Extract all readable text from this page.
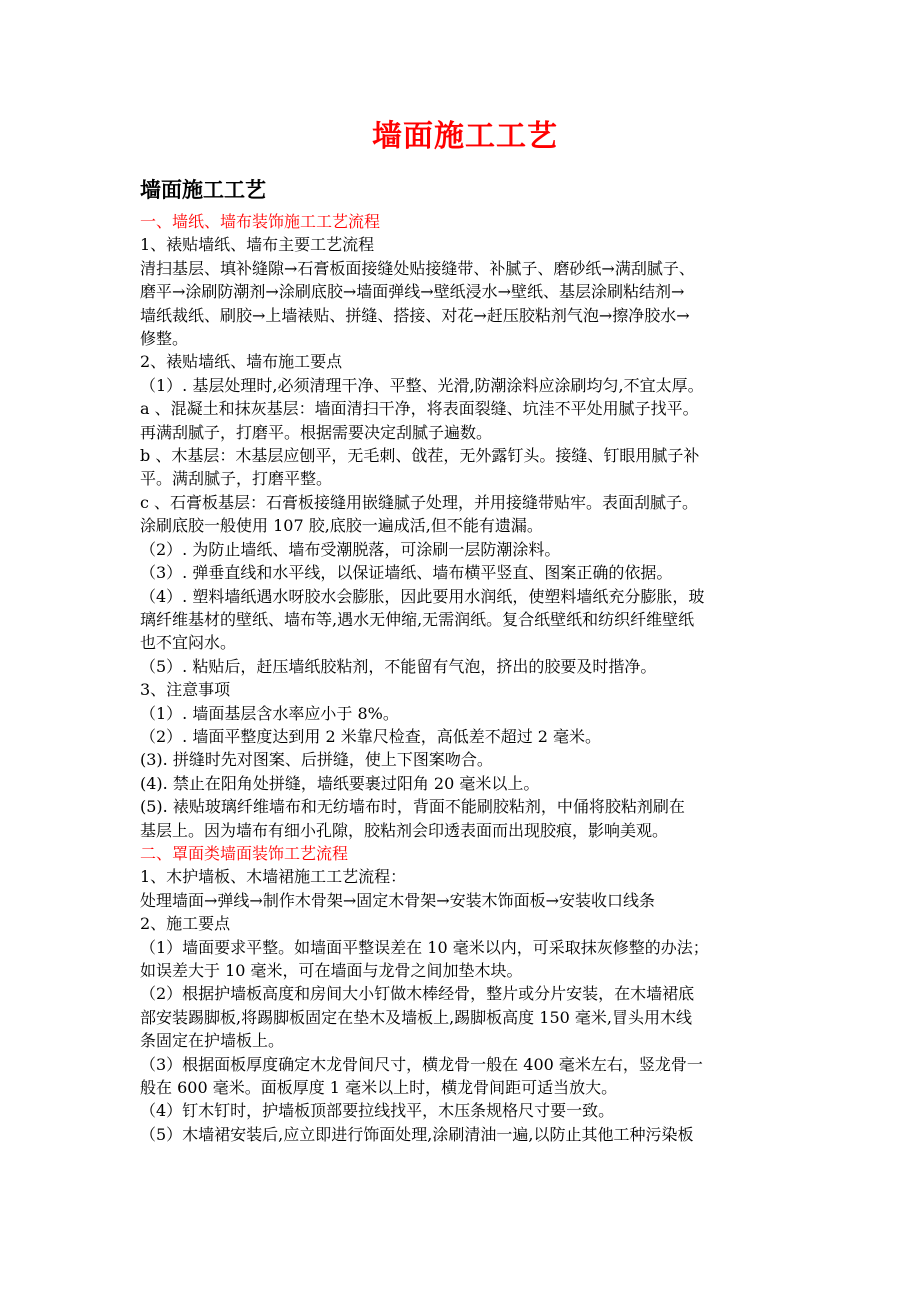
墙面施工工艺
墙面施工工艺

一、墙纸、墙布装饰施工工艺流程

1、裱贴墙纸、墙布主要工艺流程

清扫基层、填补缝隙→石膏板面接缝处贴接缝带、补腻子、磨砂纸→满刮腻子、

磨平→涂刷防潮剂→涂刷底胶→墙面弹线→壁纸浸水→壁纸、基层涂刷粘结剂→

墙纸裁纸、刷胶→上墙裱贴、拼缝、搭接、对花→赶压胶粘剂气泡→擦净胶水→

修整。

2、裱贴墙纸、墙布施工要点

（1）. 基层处理时,必须清理干净、平整、光滑,防潮涂料应涂刷均匀,不宜太厚。

a 、混凝土和抹灰基层：墙面清扫干净，将表面裂缝、坑洼不平处用腻子找平。

再满刮腻子，打磨平。根据需要决定刮腻子遍数。

b 、木基层：木基层应刨平，无毛刺、戗茬，无外露钉头。接缝、钉眼用腻子补

平。满刮腻子，打磨平整。

c 、石膏板基层：石膏板接缝用嵌缝腻子处理，并用接缝带贴牢。表面刮腻子。

涂刷底胶一般使用 107 胶,底胶一遍成活,但不能有遗漏。

（2）. 为防止墙纸、墙布受潮脱落，可涂刷一层防潮涂料。

（3）. 弹垂直线和水平线，以保证墙纸、墙布横平竖直、图案正确的依据。

（4）. 塑料墙纸遇水呀胶水会膨胀，因此要用水润纸，使塑料墙纸充分膨胀，玻

璃纤维基材的壁纸、墙布等,遇水无伸缩,无需润纸。复合纸壁纸和纺织纤维壁纸

也不宜闷水。

（5）. 粘贴后，赶压墙纸胶粘剂，不能留有气泡，挤出的胶要及时揩净。

3、注意事项

（1）. 墙面基层含水率应小于 8%。

（2）. 墙面平整度达到用 2 米靠尺检查，高低差不超过 2 毫米。

(3). 拼缝时先对图案、后拼缝，使上下图案吻合。

(4). 禁止在阳角处拼缝，墙纸要裹过阳角 20 毫米以上。

(5). 裱贴玻璃纤维墙布和无纺墙布时，背面不能刷胶粘剂，中俑将胶粘剂刷在

基层上。因为墙布有细小孔隙，胶粘剂会印透表面而出现胶痕，影响美观。

二、罩面类墙面装饰工艺流程

1、木护墙板、木墙裙施工工艺流程：

处理墙面→弹线→制作木骨架→固定木骨架→安装木饰面板→安装收口线条

2、施工要点

（1）墙面要求平整。如墙面平整误差在 10 毫米以内，可采取抹灰修整的办法；

如误差大于 10 毫米，可在墙面与龙骨之间加垫木块。

（2）根据护墙板高度和房间大小钉做木棒经骨，整片或分片安装，在木墙裙底

部安装踢脚板,将踢脚板固定在垫木及墙板上,踢脚板高度 150 毫米,冒头用木线

条固定在护墙板上。

（3）根据面板厚度确定木龙骨间尺寸，横龙骨一般在 400 毫米左右，竖龙骨一

般在 600 毫米。面板厚度 1 毫米以上时，横龙骨间距可适当放大。

（4）钉木钉时，护墙板顶部要拉线找平，木压条规格尺寸要一致。

（5）木墙裙安装后,应立即进行饰面处理,涂刷清油一遍,以防止其他工种污染板
